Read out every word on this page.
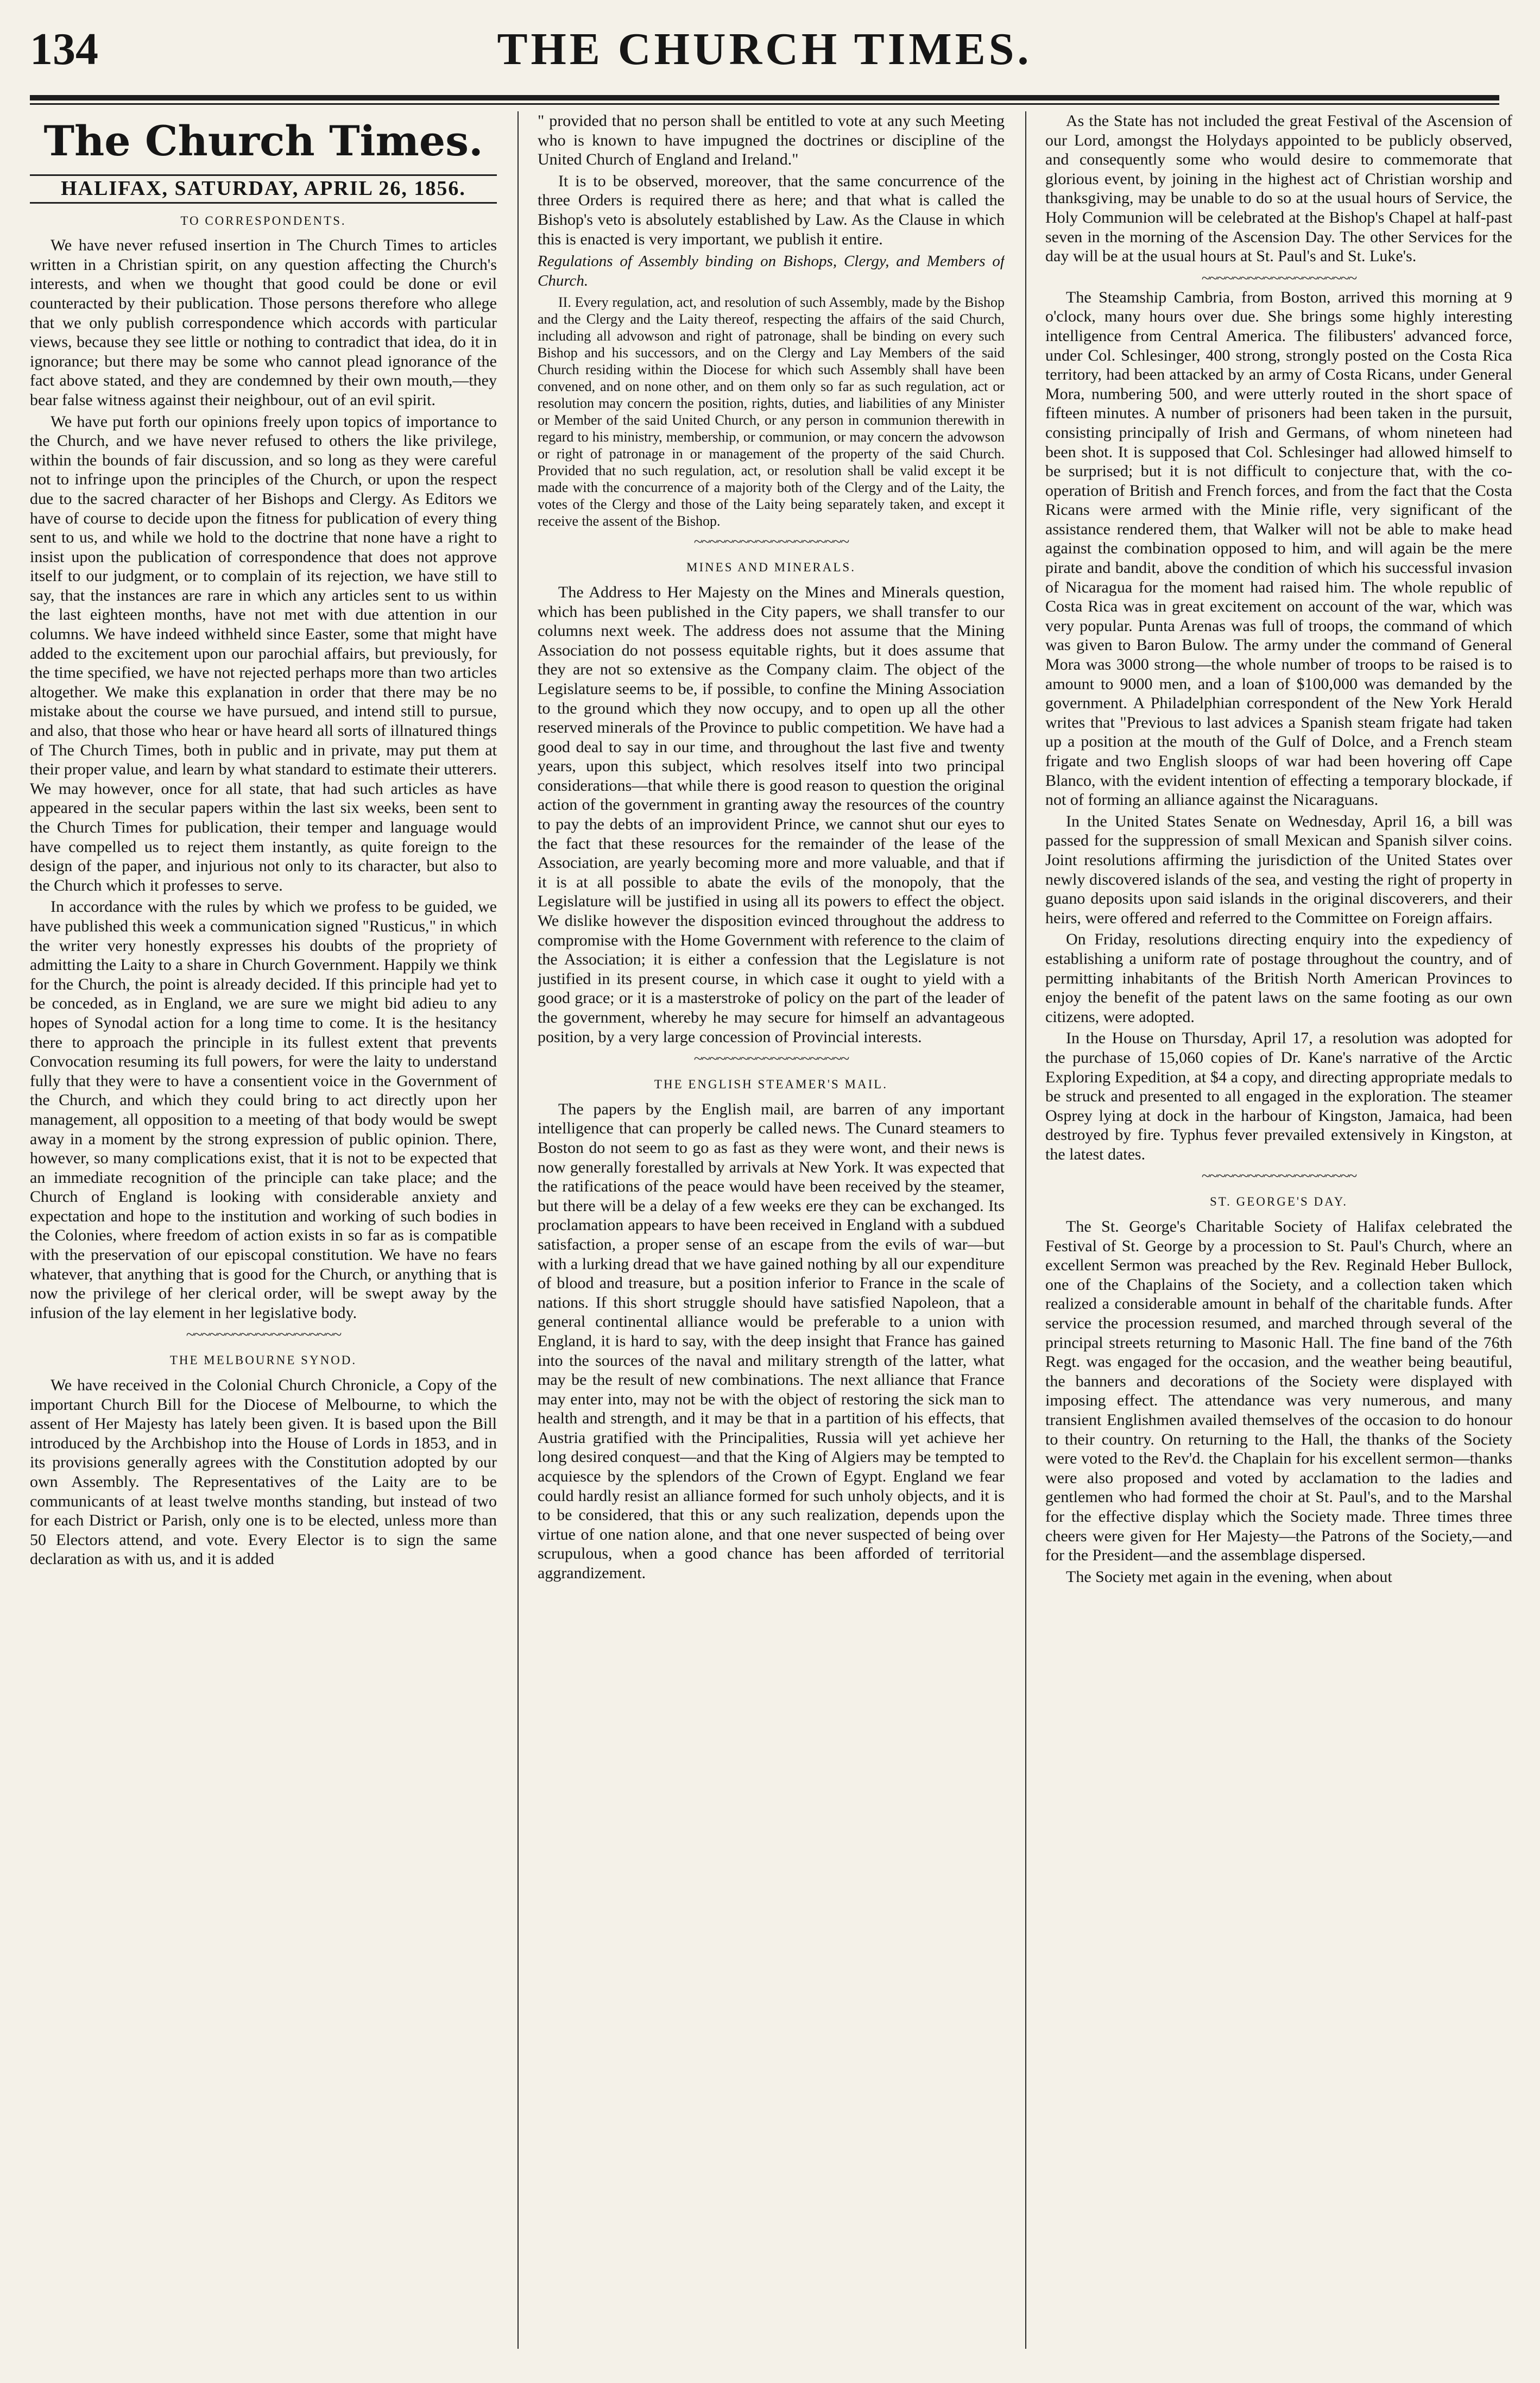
134	THE CHURCH TIMES.
The Church Times.
HALIFAX, SATURDAY, APRIL 26, 1856.
TO CORRESPONDENTS.

We have never refused insertion in The Church Times to articles written in a Christian spirit, on any question affecting the Church's interests, and when we thought that good could be done or evil counteracted by their publication. Those persons therefore who allege that we only publish correspondence which accords with particular views, because they see little or nothing to contradict that idea, do it in ignorance; but there may be some who cannot plead ignorance of the fact above stated, and they are condemned by their own mouth,—they bear false witness against their neighbour, out of an evil spirit.

We have put forth our opinions freely upon topics of importance to the Church, and we have never refused to others the like privilege, within the bounds of fair discussion, and so long as they were careful not to infringe upon the principles of the Church, or upon the respect due to the sacred character of her Bishops and Clergy. As Editors we have of course to decide upon the fitness for publication of every thing sent to us, and while we hold to the doctrine that none have a right to insist upon the publication of correspondence that does not approve itself to our judgment, or to complain of its rejection, we have still to say, that the instances are rare in which any articles sent to us within the last eighteen months, have not met with due attention in our columns. We have indeed withheld since Easter, some that might have added to the excitement upon our parochial affairs, but previously, for the time specified, we have not rejected perhaps more than two articles altogether. We make this explanation in order that there may be no mistake about the course we have pursued, and intend still to pursue, and also, that those who hear or have heard all sorts of illnatured things of The Church Times, both in public and in private, may put them at their proper value, and learn by what standard to estimate their utterers. We may however, once for all state, that had such articles as have appeared in the secular papers within the last six weeks, been sent to the Church Times for publication, their temper and language would have compelled us to reject them instantly, as quite foreign to the design of the paper, and injurious not only to its character, but also to the Church which it professes to serve.

In accordance with the rules by which we profess to be guided, we have published this week a communication signed "Rusticus," in which the writer very honestly expresses his doubts of the propriety of admitting the Laity to a share in Church Government. Happily we think for the Church, the point is already decided. If this principle had yet to be conceded, as in England, we are sure we might bid adieu to any hopes of Synodal action for a long time to come. It is the hesitancy there to approach the principle in its fullest extent that prevents Convocation resuming its full powers, for were the laity to understand fully that they were to have a consentient voice in the Government of the Church, and which they could bring to act directly upon her management, all opposition to a meeting of that body would be swept away in a moment by the strong expression of public opinion. There, however, so many complications exist, that it is not to be expected that an immediate recognition of the principle can take place; and the Church of England is looking with considerable anxiety and expectation and hope to the institution and working of such bodies in the Colonies, where freedom of action exists in so far as is compatible with the preservation of our episcopal constitution. We have no fears whatever, that anything that is good for the Church, or anything that is now the privilege of her clerical order, will be swept away by the infusion of the lay element in her legislative body.

~~~~~~~~~~~~~~~~~~~~
THE MELBOURNE SYNOD.

We have received in the Colonial Church Chronicle, a Copy of the important Church Bill for the Diocese of Melbourne, to which the assent of Her Majesty has lately been given. It is based upon the Bill introduced by the Archbishop into the House of Lords in 1853, and in its provisions generally agrees with the Constitution adopted by our own Assembly. The Representatives of the Laity are to be communicants of at least twelve months standing, but instead of two for each District or Parish, only one is to be elected, unless more than 50 Electors attend, and vote. Every Elector is to sign the same declaration as with us, and it is added

" provided that no person shall be entitled to vote at any such Meeting who is known to have impugned the doctrines or discipline of the United Church of England and Ireland."

It is to be observed, moreover, that the same concurrence of the three Orders is required there as here; and that what is called the Bishop's veto is absolutely established by Law. As the Clause in which this is enacted is very important, we publish it entire.

Regulations of Assembly binding on Bishops, Clergy, and Members of Church.

II. Every regulation, act, and resolution of such Assembly, made by the Bishop and the Clergy and the Laity thereof, respecting the affairs of the said Church, including all advowson and right of patronage, shall be binding on every such Bishop and his successors, and on the Clergy and Lay Members of the said Church residing within the Diocese for which such Assembly shall have been convened, and on none other, and on them only so far as such regulation, act or resolution may concern the position, rights, duties, and liabilities of any Minister or Member of the said United Church, or any person in communion therewith in regard to his ministry, membership, or communion, or may concern the advowson or right of patronage in or management of the property of the said Church. Provided that no such regulation, act, or resolution shall be valid except it be made with the concurrence of a majority both of the Clergy and of the Laity, the votes of the Clergy and those of the Laity being separately taken, and except it receive the assent of the Bishop.

~~~~~~~~~~~~~~~~~~~~
MINES AND MINERALS.

The Address to Her Majesty on the Mines and Minerals question, which has been published in the City papers, we shall transfer to our columns next week. The address does not assume that the Mining Association do not possess equitable rights, but it does assume that they are not so extensive as the Company claim. The object of the Legislature seems to be, if possible, to confine the Mining Association to the ground which they now occupy, and to open up all the other reserved minerals of the Province to public competition. We have had a good deal to say in our time, and throughout the last five and twenty years, upon this subject, which resolves itself into two principal considerations—that while there is good reason to question the original action of the government in granting away the resources of the country to pay the debts of an improvident Prince, we cannot shut our eyes to the fact that these resources for the remainder of the lease of the Association, are yearly becoming more and more valuable, and that if it is at all possible to abate the evils of the monopoly, that the Legislature will be justified in using all its powers to effect the object. We dislike however the disposition evinced throughout the address to compromise with the Home Government with reference to the claim of the Association; it is either a confession that the Legislature is not justified in its present course, in which case it ought to yield with a good grace; or it is a masterstroke of policy on the part of the leader of the government, whereby he may secure for himself an advantageous position, by a very large concession of Provincial interests.

~~~~~~~~~~~~~~~~~~~~
THE ENGLISH STEAMER'S MAIL.

The papers by the English mail, are barren of any important intelligence that can properly be called news. The Cunard steamers to Boston do not seem to go as fast as they were wont, and their news is now generally forestalled by arrivals at New York. It was expected that the ratifications of the peace would have been received by the steamer, but there will be a delay of a few weeks ere they can be exchanged. Its proclamation appears to have been received in England with a subdued satisfaction, a proper sense of an escape from the evils of war—but with a lurking dread that we have gained nothing by all our expenditure of blood and treasure, but a position inferior to France in the scale of nations. If this short struggle should have satisfied Napoleon, that a general continental alliance would be preferable to a union with England, it is hard to say, with the deep insight that France has gained into the sources of the naval and military strength of the latter, what may be the result of new combinations. The next alliance that France may enter into, may not be with the object of restoring the sick man to health and strength, and it may be that in a partition of his effects, that Austria gratified with the Principalities, Russia will yet achieve her long desired conquest—and that the King of Algiers may be tempted to acquiesce by the splendors of the Crown of Egypt. England we fear could hardly resist an alliance formed for such unholy objects, and it is to be considered, that this or any such realization, depends upon the virtue of one nation alone, and that one never suspected of being over scrupulous, when a good chance has been afforded of territorial aggrandizement.

As the State has not included the great Festival of the Ascension of our Lord, amongst the Holydays appointed to be publicly observed, and consequently some who would desire to commemorate that glorious event, by joining in the highest act of Christian worship and thanksgiving, may be unable to do so at the usual hours of Service, the Holy Communion will be celebrated at the Bishop's Chapel at half-past seven in the morning of the Ascension Day. The other Services for the day will be at the usual hours at St. Paul's and St. Luke's.

~~~~~~~~~~~~~~~~~~~~

The Steamship Cambria, from Boston, arrived this morning at 9 o'clock, many hours over due. She brings some highly interesting intelligence from Central America. The filibusters' advanced force, under Col. Schlesinger, 400 strong, strongly posted on the Costa Rica territory, had been attacked by an army of Costa Ricans, under General Mora, numbering 500, and were utterly routed in the short space of fifteen minutes. A number of prisoners had been taken in the pursuit, consisting principally of Irish and Germans, of whom nineteen had been shot. It is supposed that Col. Schlesinger had allowed himself to be surprised; but it is not difficult to conjecture that, with the co-operation of British and French forces, and from the fact that the Costa Ricans were armed with the Minie rifle, very significant of the assistance rendered them, that Walker will not be able to make head against the combination opposed to him, and will again be the mere pirate and bandit, above the condition of which his successful invasion of Nicaragua for the moment had raised him. The whole republic of Costa Rica was in great excitement on account of the war, which was very popular. Punta Arenas was full of troops, the command of which was given to Baron Bulow. The army under the command of General Mora was 3000 strong—the whole number of troops to be raised is to amount to 9000 men, and a loan of $100,000 was demanded by the government. A Philadelphian correspondent of the New York Herald writes that "Previous to last advices a Spanish steam frigate had taken up a position at the mouth of the Gulf of Dolce, and a French steam frigate and two English sloops of war had been hovering off Cape Blanco, with the evident intention of effecting a temporary blockade, if not of forming an alliance against the Nicaraguans.

In the United States Senate on Wednesday, April 16, a bill was passed for the suppression of small Mexican and Spanish silver coins. Joint resolutions affirming the jurisdiction of the United States over newly discovered islands of the sea, and vesting the right of property in guano deposits upon said islands in the original discoverers, and their heirs, were offered and referred to the Committee on Foreign affairs.

On Friday, resolutions directing enquiry into the expediency of establishing a uniform rate of postage throughout the country, and of permitting inhabitants of the British North American Provinces to enjoy the benefit of the patent laws on the same footing as our own citizens, were adopted.

In the House on Thursday, April 17, a resolution was adopted for the purchase of 15,060 copies of Dr. Kane's narrative of the Arctic Exploring Expedition, at $4 a copy, and directing appropriate medals to be struck and presented to all engaged in the exploration. The steamer Osprey lying at dock in the harbour of Kingston, Jamaica, had been destroyed by fire. Typhus fever prevailed extensively in Kingston, at the latest dates.

~~~~~~~~~~~~~~~~~~~~
ST. GEORGE'S DAY.

The St. George's Charitable Society of Halifax celebrated the Festival of St. George by a procession to St. Paul's Church, where an excellent Sermon was preached by the Rev. Reginald Heber Bullock, one of the Chaplains of the Society, and a collection taken which realized a considerable amount in behalf of the charitable funds. After service the procession resumed, and marched through several of the principal streets returning to Masonic Hall. The fine band of the 76th Regt. was engaged for the occasion, and the weather being beautiful, the banners and decorations of the Society were displayed with imposing effect. The attendance was very numerous, and many transient Englishmen availed themselves of the occasion to do honour to their country. On returning to the Hall, the thanks of the Society were voted to the Rev'd. the Chaplain for his excellent sermon—thanks were also proposed and voted by acclamation to the ladies and gentlemen who had formed the choir at St. Paul's, and to the Marshal for the effective display which the Society made. Three times three cheers were given for Her Majesty—the Patrons of the Society,—and for the President—and the assemblage dispersed.

The Society met again in the evening, when about
